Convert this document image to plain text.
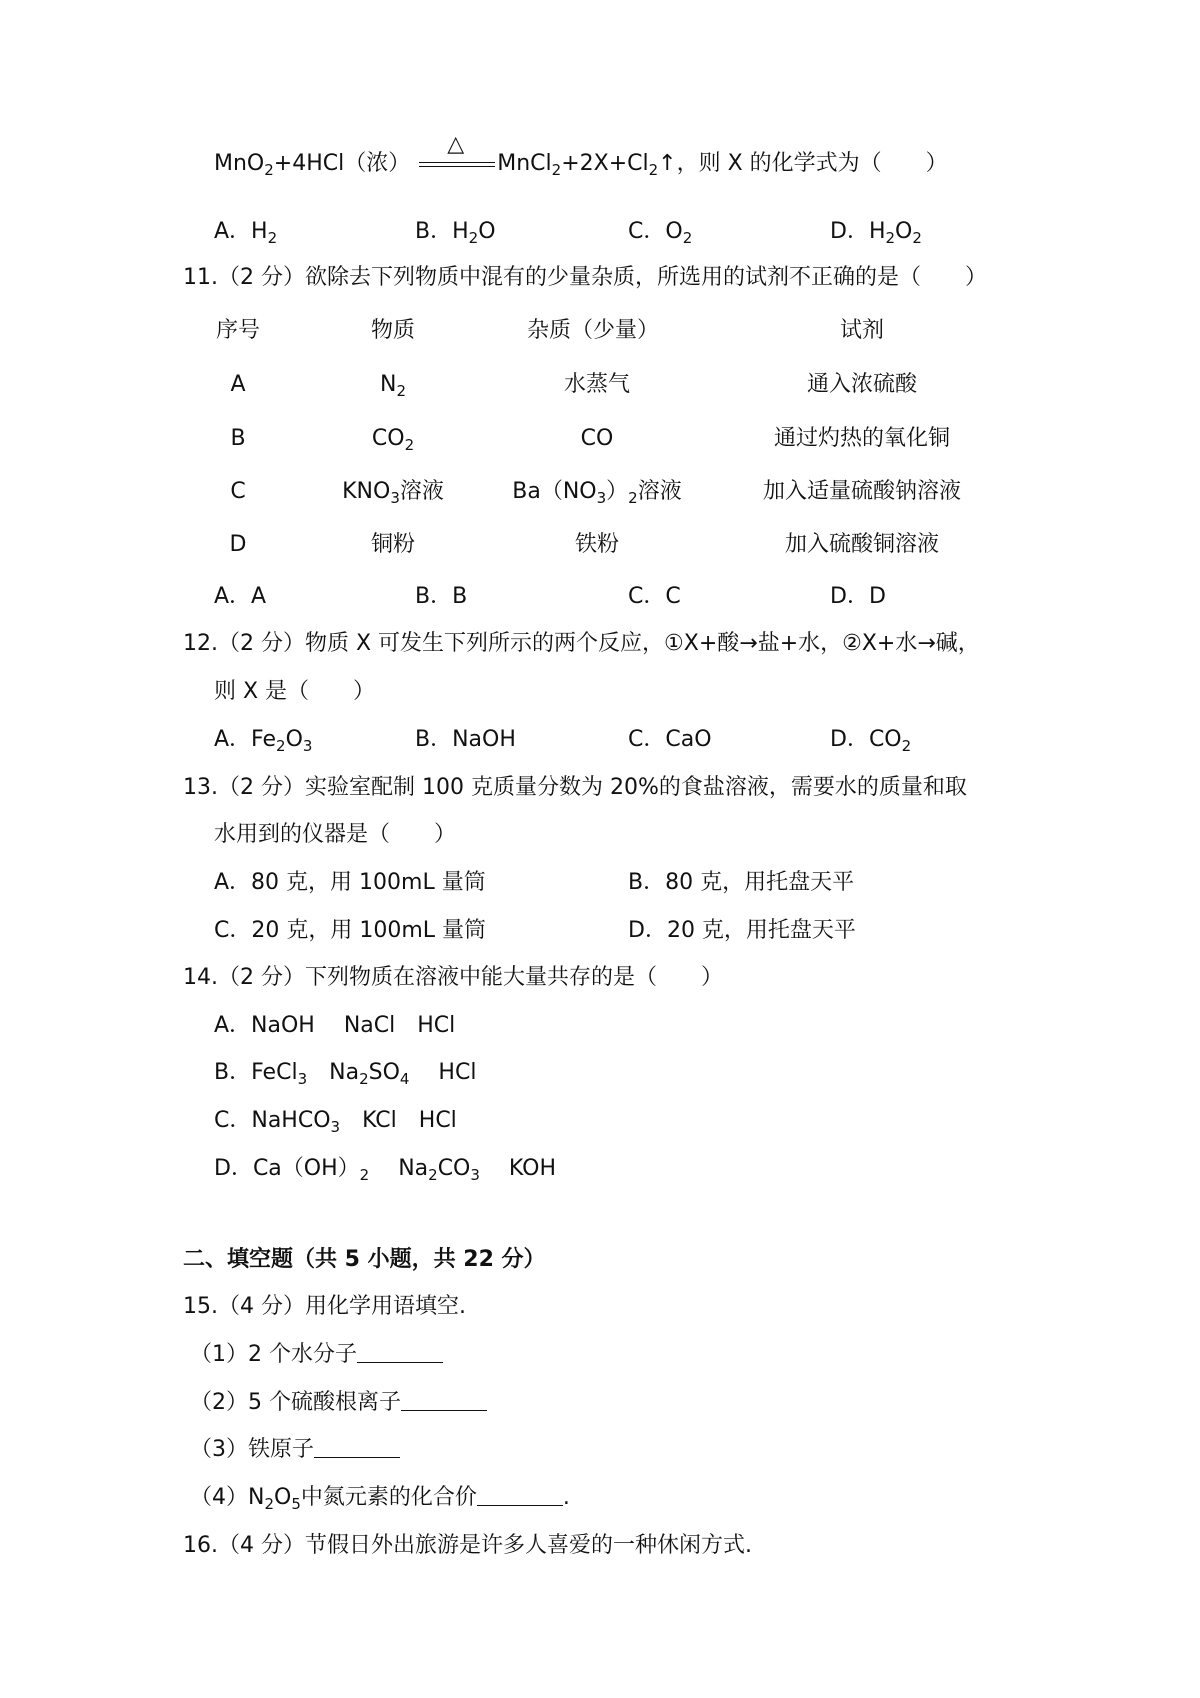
MnO$_2$+4HCl（浓）
△
$MnCl_2+2X+Cl_2↑$，则 X 的化学式为（　　）
A．$H_2$	B．$H_2O$	C．$O_2$	D．$H_2O_2$
11.（2 分）欲除去下列物质中混有的少量杂质，所选用的试剂不正确的是（　　）
序号	物质	杂质（少量）	试剂
A	$N_2$	水蒸气	通入浓硫酸
B	$CO_2$	CO	通过灼热的氧化铜
C	$KNO_3$溶液	$Ba(NO_3)_2$溶液	加入适量硫酸钠溶液
D	铜粉	铁粉	加入硫酸铜溶液
A．A	B．B	C．C	D．D
12.（2 分）物质 X 可发生下列所示的两个反应，①X+酸→盐+水，②X+水→碱，
则 X 是（　　）
A．$Fe_2O_3$	B．NaOH	C．CaO	D．$CO_2$
13.（2 分）实验室配制 100 克质量分数为 20%的食盐溶液，需要水的质量和取
水用到的仪器是（　　）
A．80 克，用 100mL 量筒	B．80 克，用托盘天平
C．20 克，用 100mL 量筒	D．20 克，用托盘天平
14.（2 分）下列物质在溶液中能大量共存的是（　　）
A．NaOH　 NaCl　HCl
B．FeCl$_3$　$Na_2SO_4$　 HCl
C．NaHCO$_3$　KCl　HCl
D．$Ca(OH)_2$　 $Na_2CO_3$　 KOH
二、填空题（共 5 小题，共 22 分）
15.（4 分）用化学用语填空.
（1）2 个水分子
（2）5 个硫酸根离子
（3）铁原子
$(4)N_2O_5$中氮元素的化合价	.
16.（4 分）节假日外出旅游是许多人喜爱的一种休闲方式.
